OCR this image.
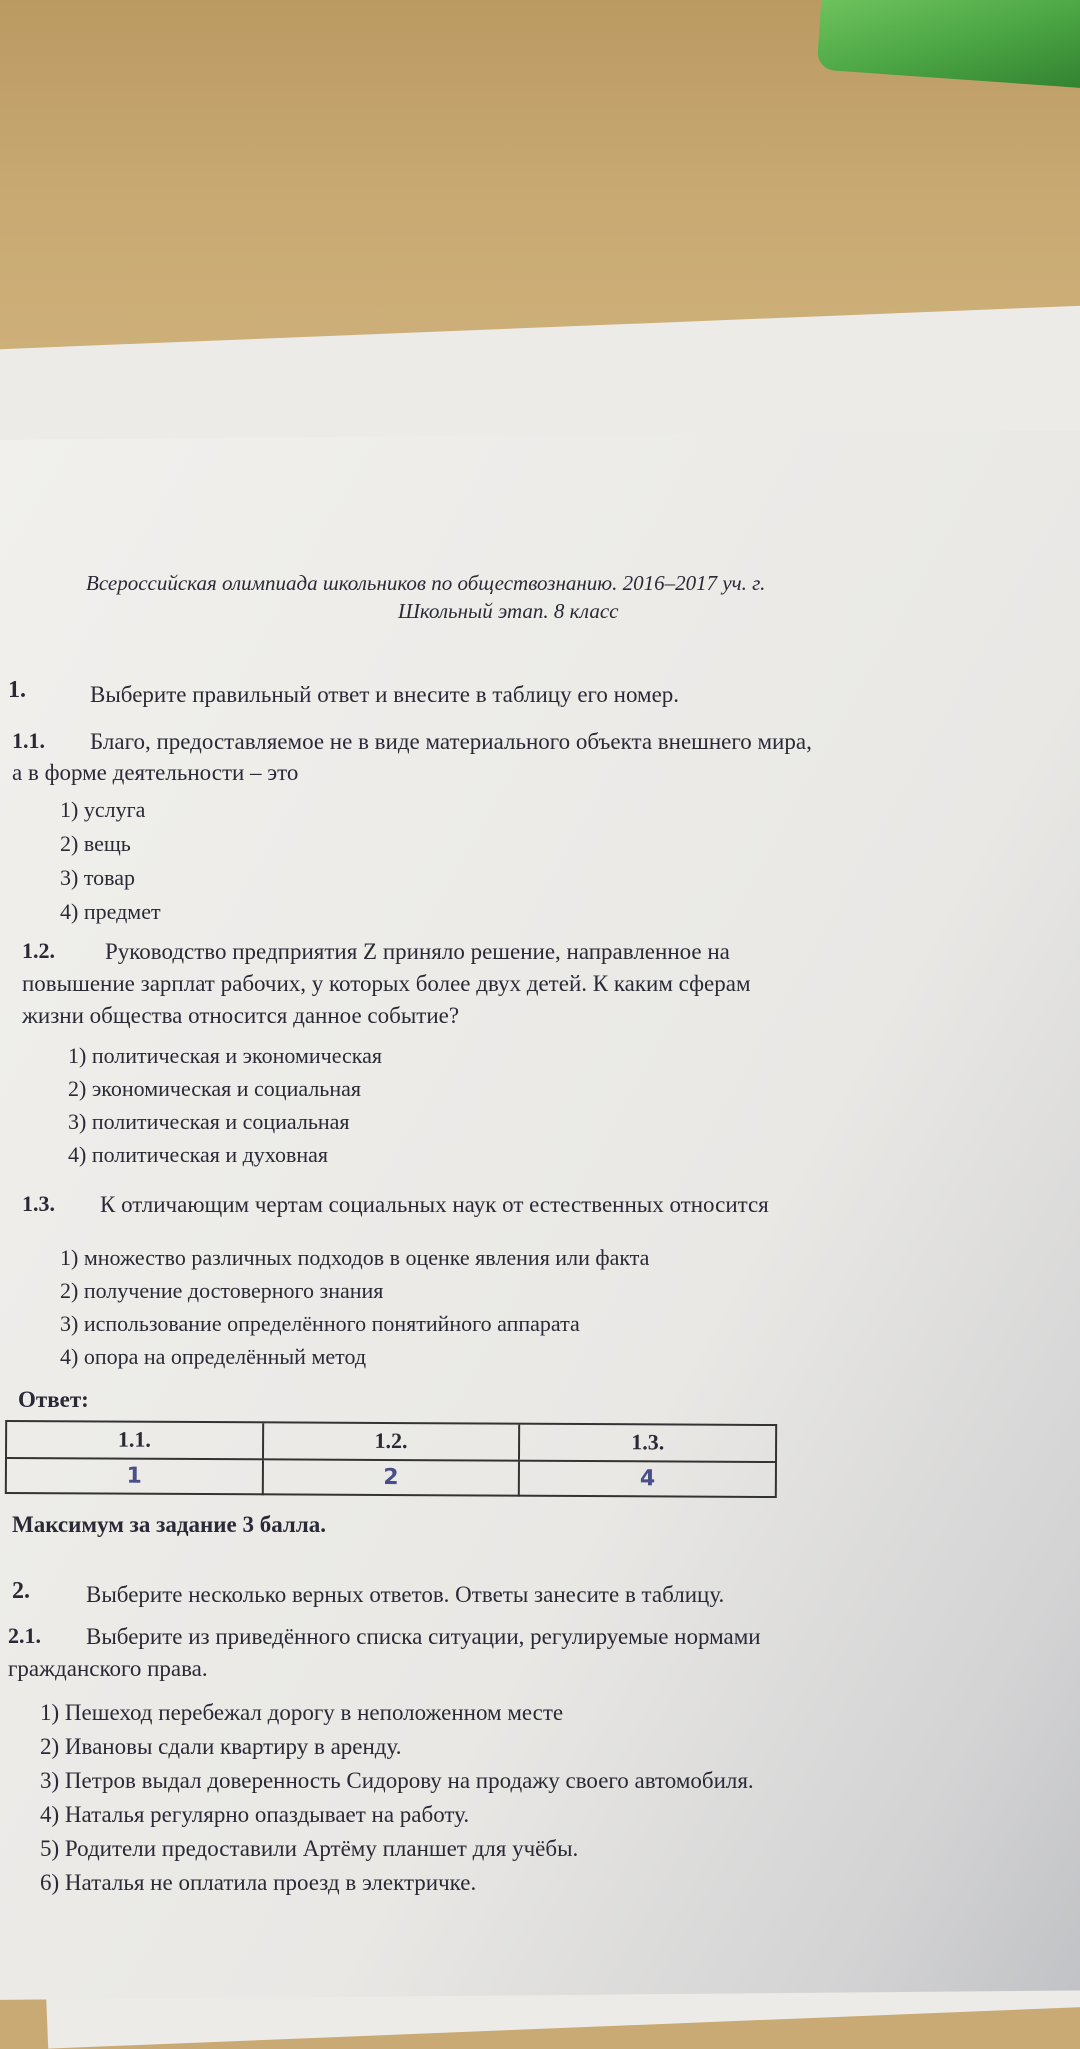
Всероссийская олимпиада школьников по обществознанию. 2016–2017 уч. г.
Школьный этап. 8 класс
1.	Выберите правильный ответ и внесите в таблицу его номер.
1.1. Благо, предоставляемое не в виде материального объекта внешнего мира,
а в форме деятельности – это
1) услуга
2) вещь
3) товар
4) предмет
1.2. Руководство предприятия Z приняло решение, направленное на
повышение зарплат рабочих, у которых более двух детей. К каким сферам
жизни общества относится данное событие?
1) политическая и экономическая
2) экономическая и социальная
3) политическая и социальная
4) политическая и духовная
1.3. К отличающим чертам социальных наук от естественных относится
1) множество различных подходов в оценке явления или факта
2) получение достоверного знания
3) использование определённого понятийного аппарата
4) опора на определённый метод
Ответ:
1.1.	1.2.	1.3.
1	2	4
Максимум за задание 3 балла.
2. Выберите несколько верных ответов. Ответы занесите в таблицу.
2.1. Выберите из приведённого списка ситуации, регулируемые нормами
гражданского права.
1) Пешеход перебежал дорогу в неположенном месте
2) Ивановы сдали квартиру в аренду.
3) Петров выдал доверенность Сидорову на продажу своего автомобиля.
4) Наталья регулярно опаздывает на работу.
5) Родители предоставили Артёму планшет для учёбы.
6) Наталья не оплатила проезд в электричке.
